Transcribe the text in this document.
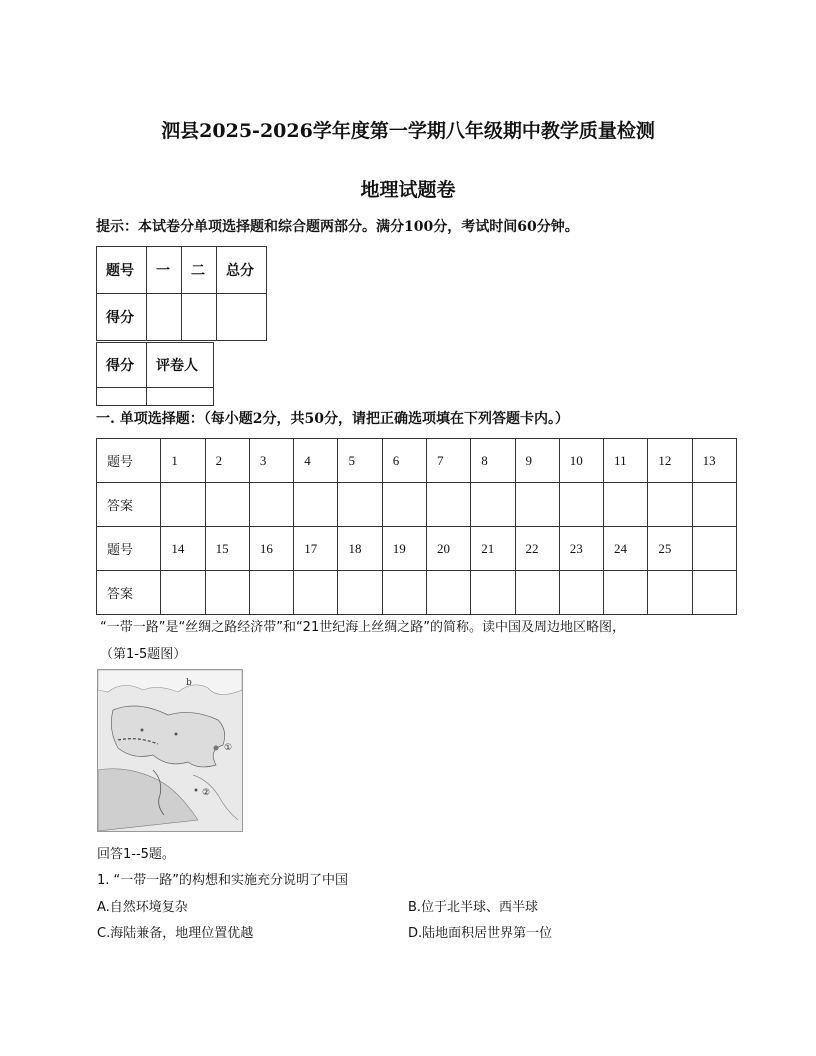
泗县2025-2026学年度第一学期八年级期中教学质量检测
地理试题卷
提示：本试卷分单项选择题和综合题两部分。满分100分，考试时间60分钟。
题号	一	二	总分
得分			
得分	评卷人

一. 单项选择题：（每小题2分，共50分，请把正确选项填在下列答题卡内。）
题号	1	2	3	4	5	6	7	8	9	10	11	12	13
答案													
题号	14	15	16	17	18	19	20	21	22	23	24	25	
答案													
“一带一路”是“丝绸之路经济带”和“21世纪海上丝绸之路”的简称。读中国及周边地区略图，
（第1-5题图）
b
①
②
回答1--5题。
1. “一带一路”的构想和实施充分说明了中国
A.自然环境复杂	B.位于北半球、西半球
C.海陆兼备，地理位置优越	D.陆地面积居世界第一位
